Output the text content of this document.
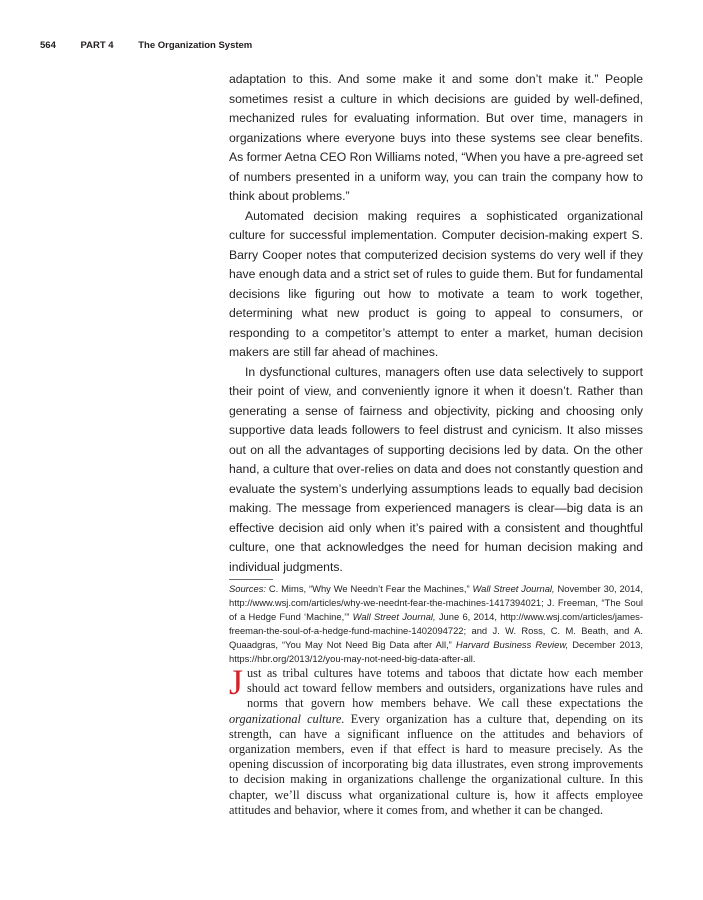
564	PART 4	The Organization System

adaptation to this. And some make it and some don’t make it.” People sometimes resist a culture in which decisions are guided by well-defined, mechanized rules for evaluating information. But over time, managers in organizations where everyone buys into these systems see clear benefits. As former Aetna CEO Ron Williams noted, “When you have a pre-agreed set of numbers presented in a uniform way, you can train the company how to think about problems.”

Automated decision making requires a sophisticated organizational culture for successful implementation. Computer decision-making expert S. Barry Cooper notes that computerized decision systems do very well if they have enough data and a strict set of rules to guide them. But for fundamental decisions like figuring out how to motivate a team to work together, determining what new product is going to appeal to consumers, or responding to a competitor’s attempt to enter a market, human decision makers are still far ahead of machines.

In dysfunctional cultures, managers often use data selectively to support their point of view, and conveniently ignore it when it doesn’t. Rather than generating a sense of fairness and objectivity, picking and choosing only supportive data leads followers to feel distrust and cynicism. It also misses out on all the advantages of supporting decisions led by data. On the other hand, a culture that over-relies on data and does not constantly question and evaluate the system’s underlying assumptions leads to equally bad decision making. The message from experienced managers is clear—big data is an effective decision aid only when it’s paired with a consistent and thoughtful culture, one that acknowledges the need for human decision making and individual judgments.

Sources: C. Mims, “Why We Needn’t Fear the Machines,” Wall Street Journal, November 30, 2014, http://www.wsj.com/articles/why-we-neednt-fear-the-machines-1417394021; J. Freeman, “The Soul of a Hedge Fund ‘Machine,’” Wall Street Journal, June 6, 2014, http://www.wsj.com/articles/james-freeman-the-soul-of-a-hedge-fund-machine-1402094722; and J. W. Ross, C. M. Beath, and A. Quaadgras, “You May Not Need Big Data after All,” Harvard Business Review, December 2013, https://hbr.org/2013/12/you-may-not-need-big-data-after-all.

Just as tribal cultures have totems and taboos that dictate how each member should act toward fellow members and outsiders, organizations have rules and norms that govern how members behave. We call these expectations the organizational culture. Every organization has a culture that, depending on its strength, can have a significant influence on the attitudes and behaviors of organization members, even if that effect is hard to measure precisely. As the opening discussion of incorporating big data illustrates, even strong improvements to decision making in organizations challenge the organizational culture. In this chapter, we’ll discuss what organizational culture is, how it affects employee attitudes and behavior, where it comes from, and whether it can be changed.
